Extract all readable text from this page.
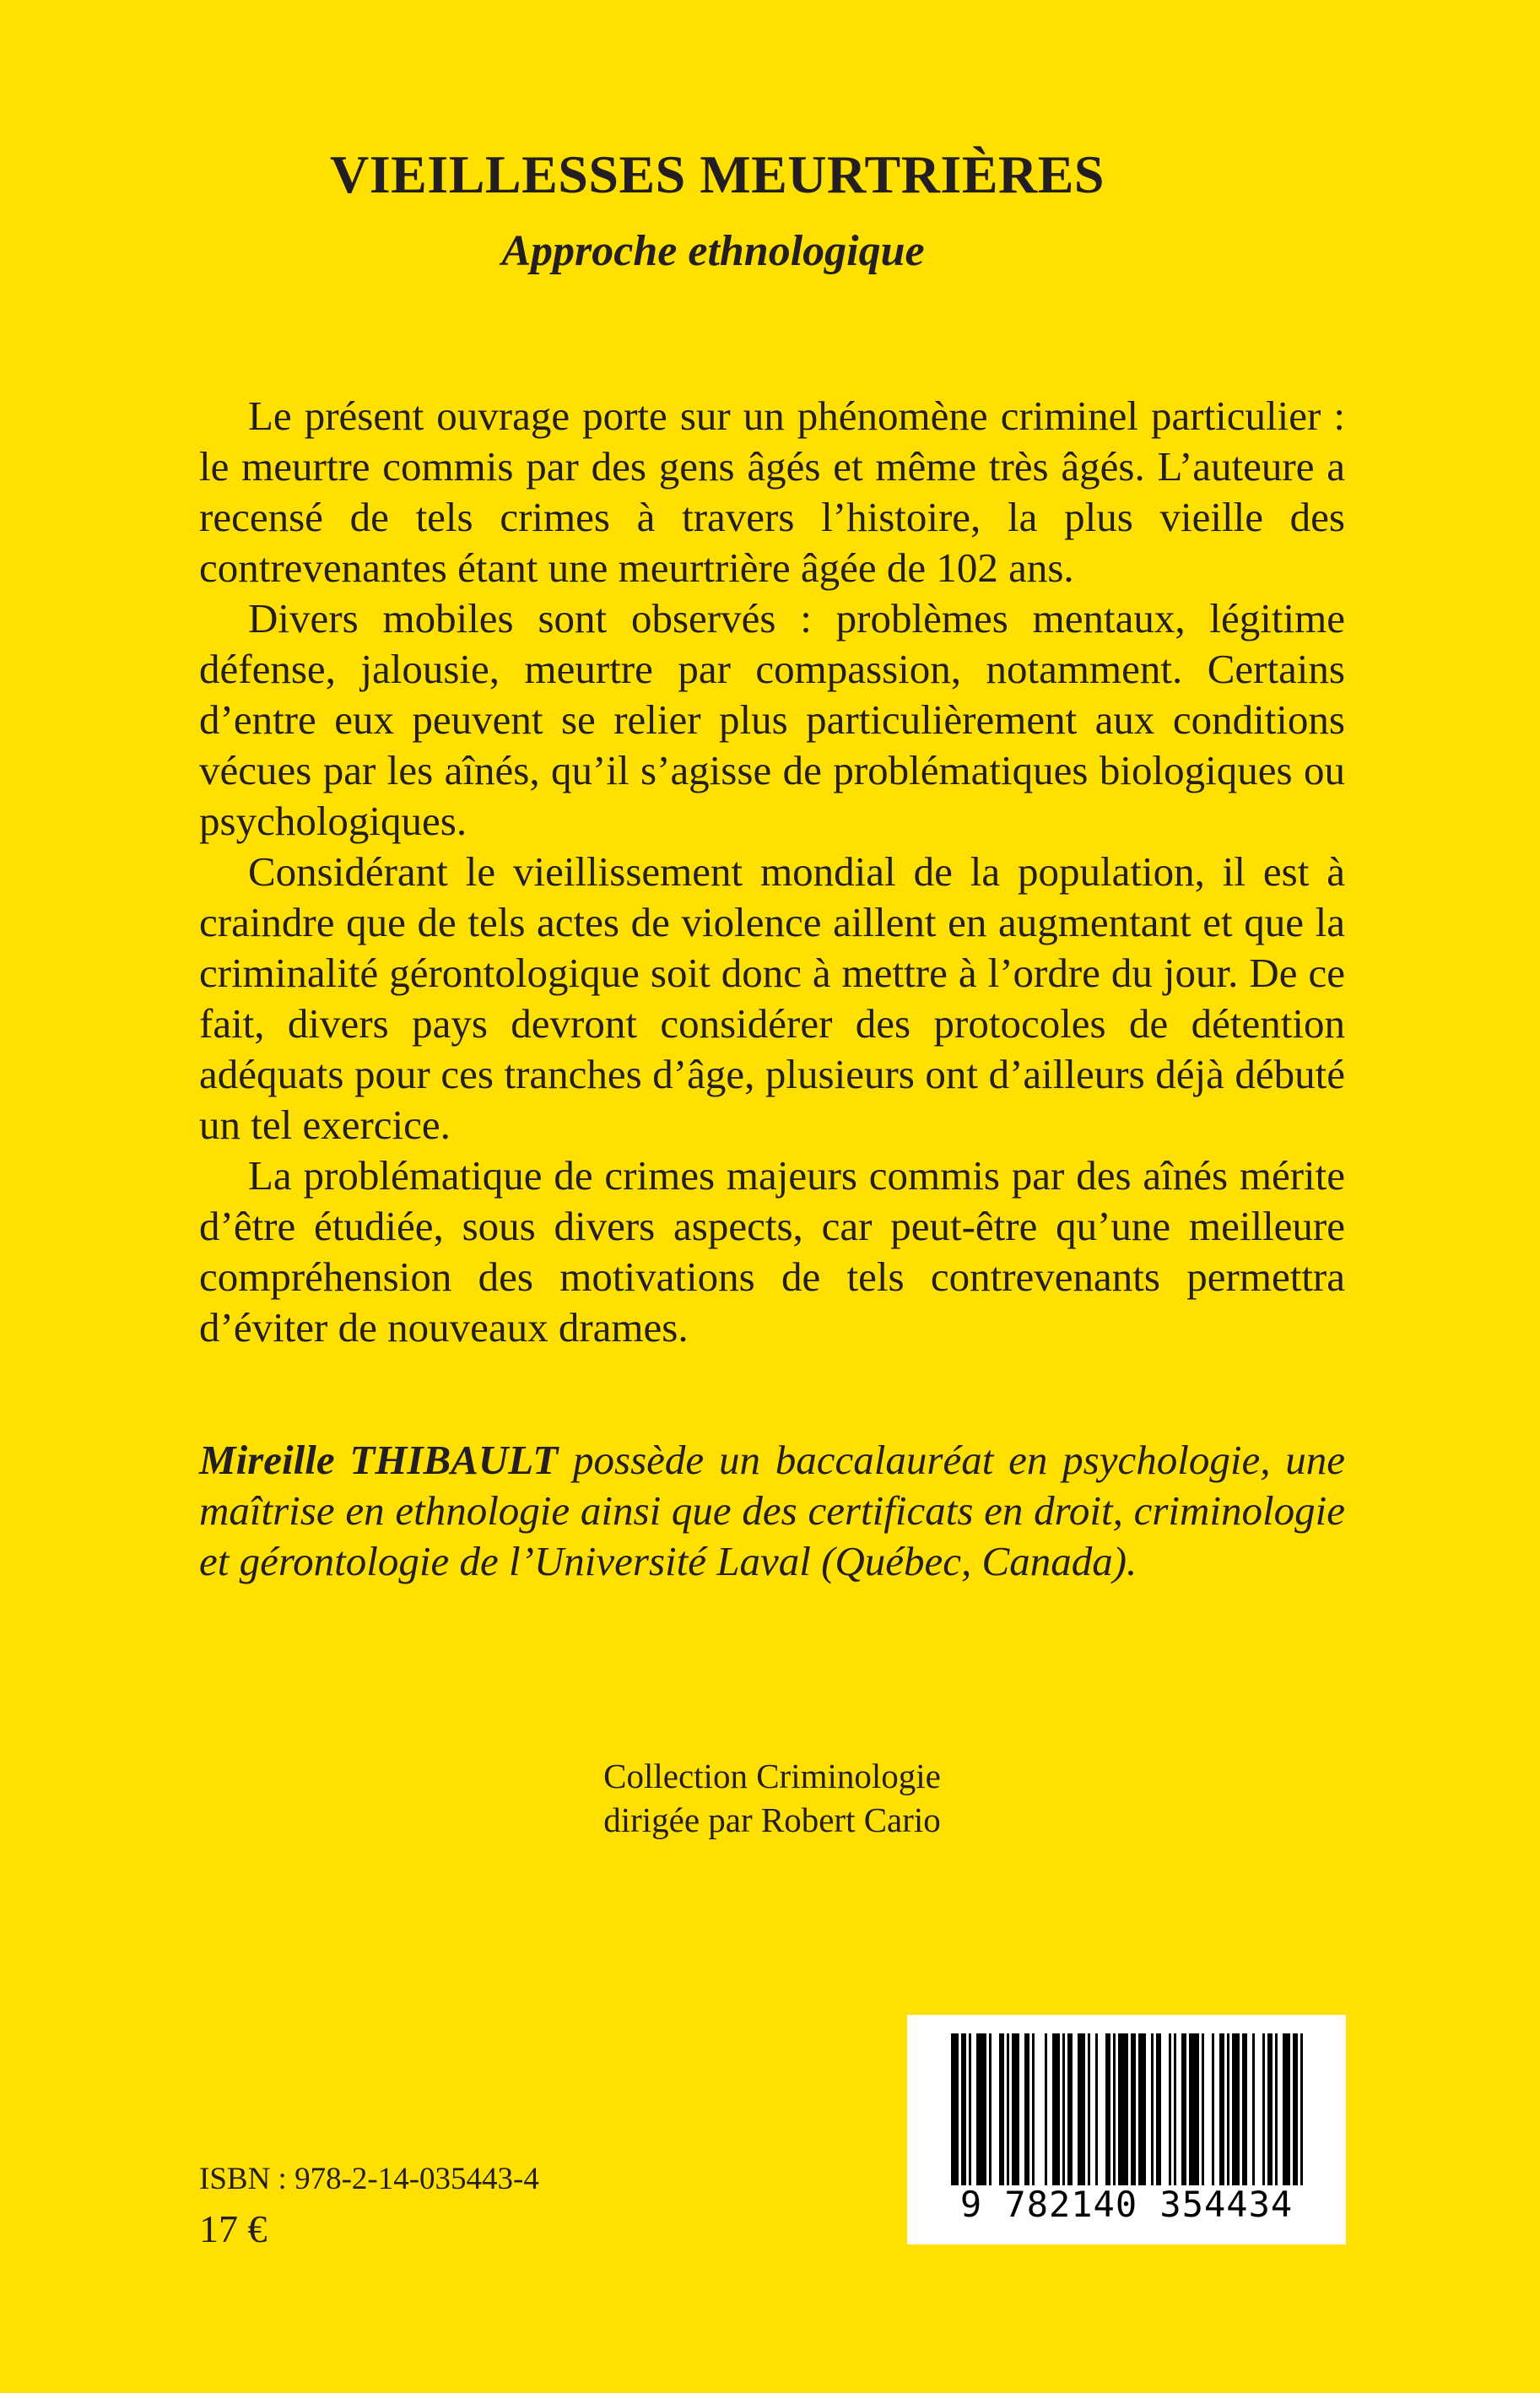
VIEILLESSES MEURTRIÈRES
Approche ethnologique

Le présent ouvrage porte sur un phénomène criminel particulier : le meurtre commis par des gens âgés et même très âgés. L’auteure a recensé de tels crimes à travers l’histoire, la plus vieille des contrevenantes étant une meurtrière âgée de 102 ans.

Divers mobiles sont observés : problèmes mentaux, légitime défense, jalousie, meurtre par compassion, notamment. Certains d’entre eux peuvent se relier plus particulièrement aux conditions vécues par les aînés, qu’il s’agisse de problématiques biologiques ou psychologiques.

Considérant le vieillissement mondial de la population, il est à craindre que de tels actes de violence aillent en augmentant et que la criminalité gérontologique soit donc à mettre à l’ordre du jour. De ce fait, divers pays devront considérer des protocoles de détention adéquats pour ces tranches d’âge, plusieurs ont d’ailleurs déjà débuté un tel exercice.

La problématique de crimes majeurs commis par des aînés mérite d’être étudiée, sous divers aspects, car peut-être qu’une meilleure compréhension des motivations de tels contrevenants permettra d’éviter de nouveaux drames.

Mireille THIBAULT possède un baccalauréat en psychologie, une maîtrise en ethnologie ainsi que des certificats en droit, criminologie et gérontologie de l’Université Laval (Québec, Canada).

Collection Criminologie
dirigée par Robert Cario
ISBN : 978-2-14-035443-4
17 €
9 782140 354434
